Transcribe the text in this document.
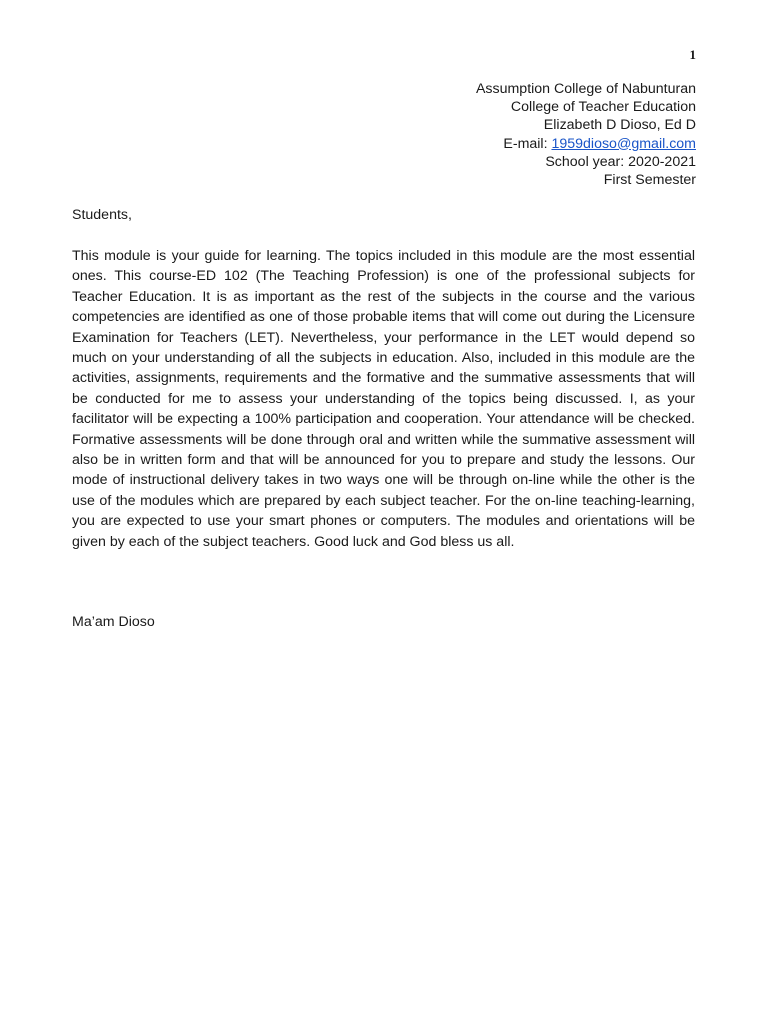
1
Assumption College of Nabunturan
College of Teacher Education
Elizabeth D Dioso, Ed D
E-mail: 1959dioso@gmail.com
School year: 2020-2021
First Semester
Students,

This module is your guide for learning. The topics included in this module are the most essential ones. This course-ED 102 (The Teaching Profession) is one of the professional subjects for Teacher Education. It is as important as the rest of the subjects in the course and the various competencies are identified as one of those probable items that will come out during the Licensure Examination for Teachers (LET). Nevertheless, your performance in the LET would depend so much on your understanding of all the subjects in education. Also, included in this module are the activities, assignments, requirements and the formative and the summative assessments that will be conducted for me to assess your understanding of the topics being discussed. I, as your facilitator will be expecting a 100% participation and cooperation. Your attendance will be checked. Formative assessments will be done through oral and written while the summative assessment will also be in written form and that will be announced for you to prepare and study the lessons. Our mode of instructional delivery takes in two ways one will be through on-line while the other is the use of the modules which are prepared by each subject teacher. For the on-line teaching-learning, you are expected to use your smart phones or computers. The modules and orientations will be given by each of the subject teachers. Good luck and God bless us all.

Ma’am Dioso
